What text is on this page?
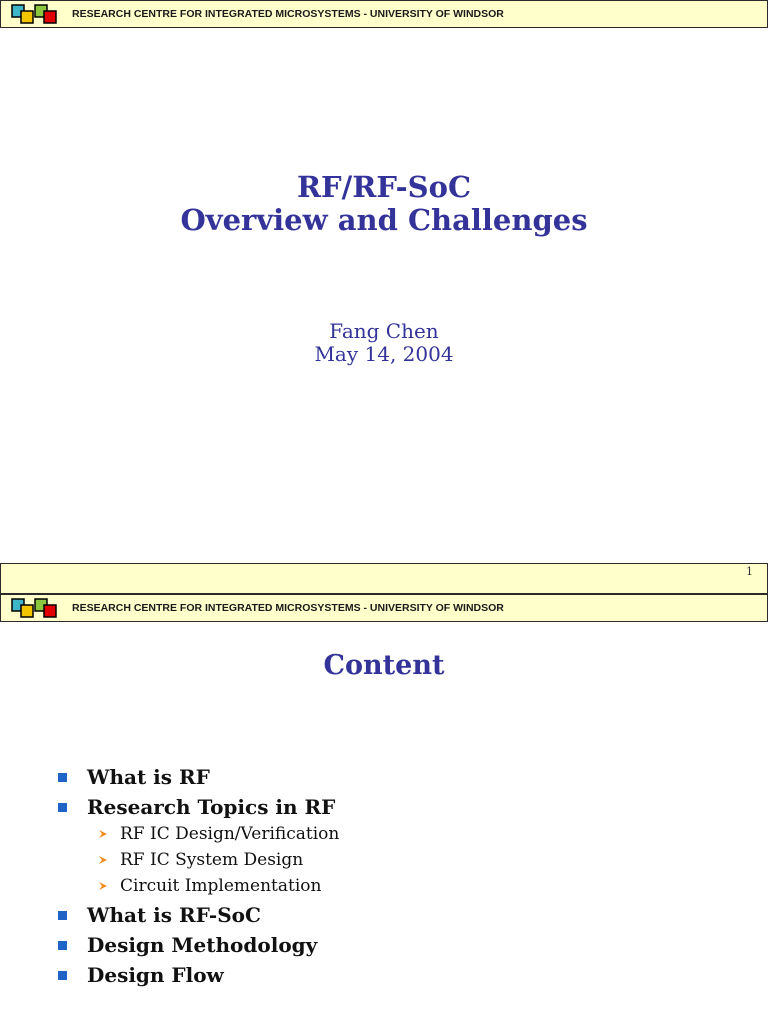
RESEARCH CENTRE FOR INTEGRATED MICROSYSTEMS - UNIVERSITY OF WINDSOR
RF/RF-SoC
Overview and Challenges
Fang Chen
May 14, 2004
1
RESEARCH CENTRE FOR INTEGRATED MICROSYSTEMS - UNIVERSITY OF WINDSOR
Content
What is RF
Research Topics in RF
RF IC Design/Verification
RF IC System Design
Circuit Implementation
What is RF-SoC
Design Methodology
Design Flow
